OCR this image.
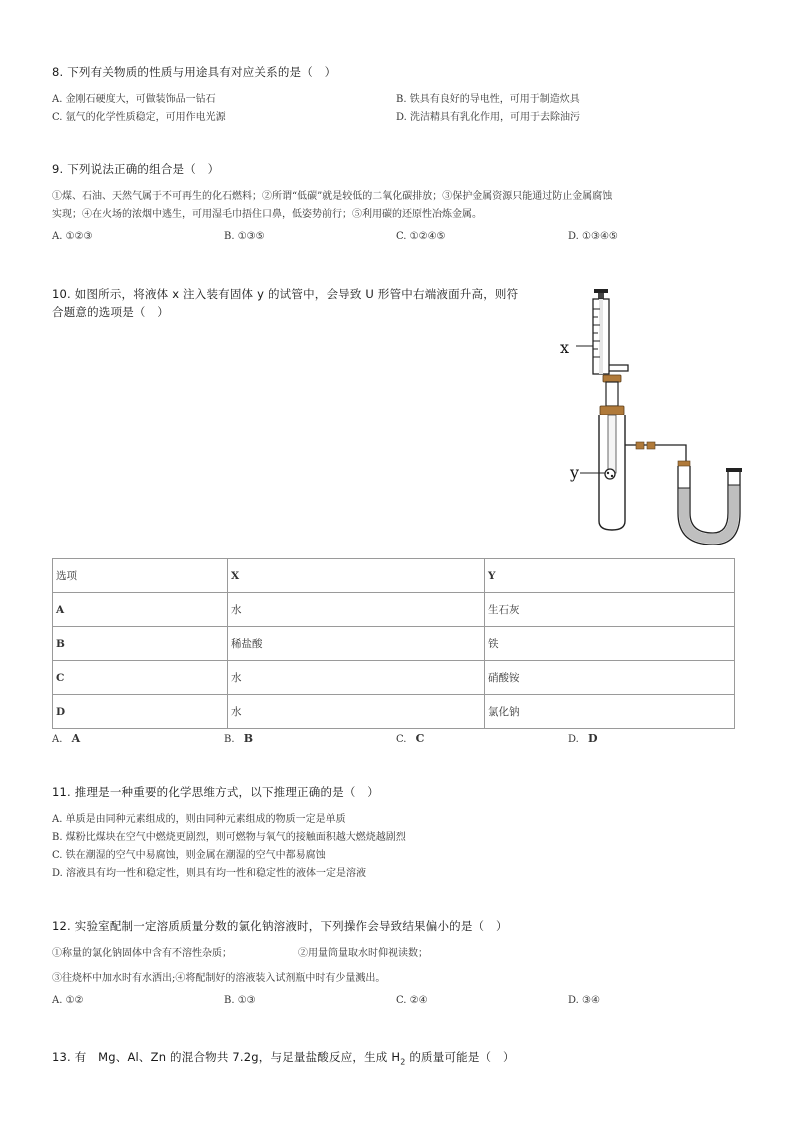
8. 下列有关物质的性质与用途具有对应关系的是（　）
A. 金刚石硬度大，可做装饰品一钻石	B. 铁具有良好的导电性，可用于制造炊具
C. 氩气的化学性质稳定，可用作电光源	D. 洗洁精具有乳化作用，可用于去除油污
9. 下列说法正确的组合是（　）
①煤、石油、天然气属于不可再生的化石燃料；②所谓“低碳”就是较低的二氧化碳排放；③保护金属资源只能通过防止金属腐蚀
实现；④在火场的浓烟中逃生，可用湿毛巾捂住口鼻，低姿势前行；⑤利用碳的还原性冶炼金属。
A. ①②③	B. ①③⑤	C. ①②④⑤	D. ①③④⑤
10. 如图所示，将液体 x 注入装有固体 y 的试管中，会导致 U 形管中右端液面升高，则符
合题意的选项是（　）
x
y
选项	X	Y
A	水	生石灰
B	稀盐酸	铁
C	水	硝酸铵
D	水	氯化钠
A. A	B. B	C. C	D. D
11. 推理是一种重要的化学思维方式，以下推理正确的是（　）
A. 单质是由同种元素组成的，则由同种元素组成的物质一定是单质
B. 煤粉比煤块在空气中燃烧更剧烈，则可燃物与氧气的接触面积越大燃烧越剧烈
C. 铁在潮湿的空气中易腐蚀，则金属在潮湿的空气中都易腐蚀
D. 溶液具有均一性和稳定性，则具有均一性和稳定性的液体一定是溶液
12. 实验室配制一定溶质质量分数的氯化钠溶液时，下列操作会导致结果偏小的是（　）
①称量的氯化钠固体中含有不溶性杂质；	②用量筒量取水时仰视读数；
③往烧杯中加水时有水洒出;④将配制好的溶液装入试剂瓶中时有少量溅出。
A. ①②	B. ①③	C. ②④	D. ③④
13. 有　Mg、Al、Zn 的混合物共 7.2g，与足量盐酸反应，生成 $H_2$ 的质量可能是（　）
